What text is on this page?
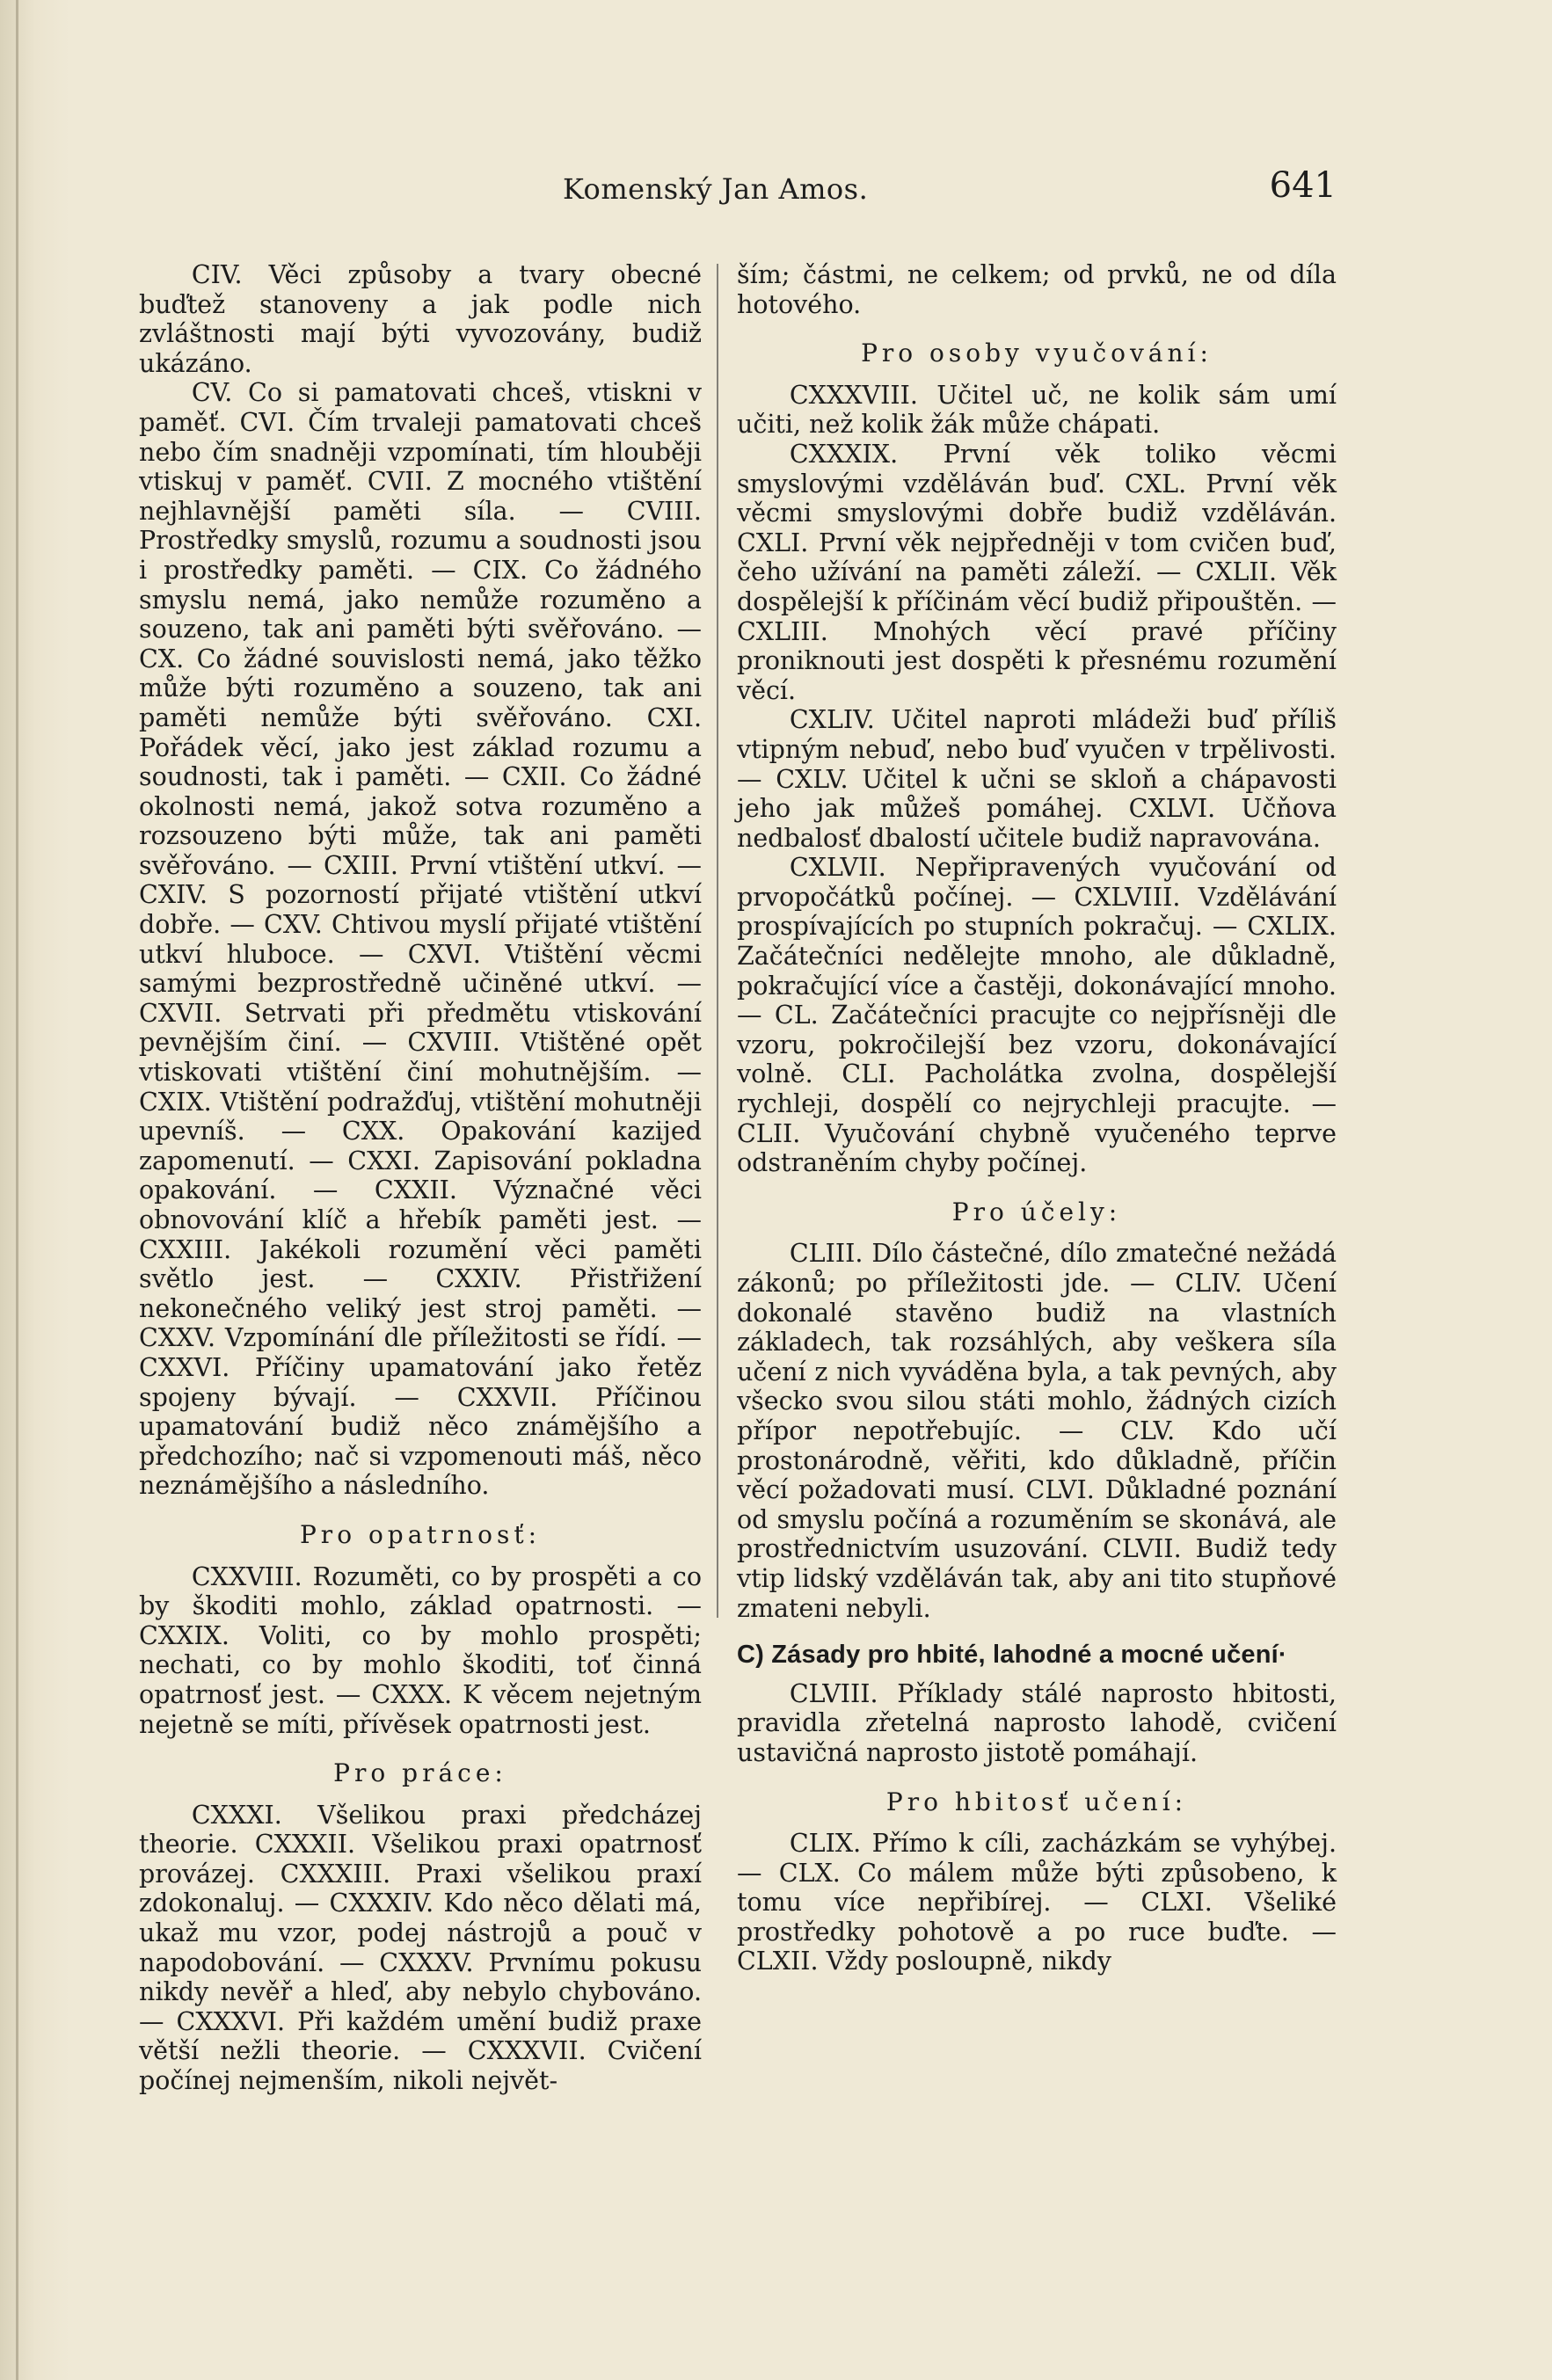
Komenský Jan Amos.	641

CIV. Věci způsoby a tvary obecné buďtež stanoveny a jak podle nich zvláštnosti mají býti vyvozovány, budiž ukázáno.

CV. Co si pamatovati chceš, vtiskni v paměť. CVI. Čím trvaleji pamatovati chceš nebo čím snadněji vzpomínati, tím hlouběji vtiskuj v paměť. CVII. Z mocného vtištění nejhlavnější paměti síla. — CVIII. Prostředky smyslů, rozumu a soudnosti jsou i prostředky paměti. — CIX. Co žádného smyslu nemá, jako nemůže rozuměno a souzeno, tak ani paměti býti svěřováno. — CX. Co žádné souvislosti nemá, jako těžko může býti rozuměno a souzeno, tak ani paměti nemůže býti svěřováno. CXI. Pořádek věcí, jako jest základ rozumu a soudnosti, tak i paměti. — CXII. Co žádné okolnosti nemá, jakož sotva rozuměno a rozsouzeno býti může, tak ani paměti svěřováno. — CXIII. První vtištění utkví. — CXIV. S pozorností přijaté vtištění utkví dobře. — CXV. Chtivou myslí přijaté vtištění utkví hluboce. — CXVI. Vtištění věcmi samými bezprostředně učiněné utkví. — CXVII. Setrvati při předmětu vtiskování pevnějším činí. — CXVIII. Vtištěné opět vtiskovati vtištění činí mohutnějším. — CXIX. Vtištění podražďuj, vtištění mohutněji upevníš. — CXX. Opakování kazijed zapomenutí. — CXXI. Zapisování pokladna opakování. — CXXII. Význačné věci obnovování klíč a hřebík paměti jest. — CXXIII. Jakékoli rozumění věci paměti světlo jest. — CXXIV. Přistřižení nekonečného veliký jest stroj paměti. — CXXV. Vzpomínání dle příležitosti se řídí. — CXXVI. Příčiny upamatování jako řetěz spojeny bývají. — CXXVII. Příčinou upamatování budiž něco známějšího a předchozího; nač si vzpomenouti máš, něco neznámějšího a následního.

Pro opatrnosť:

CXXVIII. Rozuměti, co by prospěti a co by škoditi mohlo, základ opatrnosti. — CXXIX. Voliti, co by mohlo prospěti; nechati, co by mohlo škoditi, toť činná opatrnosť jest. — CXXX. K věcem nejetným nejetně se míti, přívěsek opatrnosti jest.

Pro práce:

CXXXI. Všelikou praxi předcházej theorie. CXXXII. Všelikou praxi opatrnosť provázej. CXXXIII. Praxi všelikou praxí zdokonaluj. — CXXXIV. Kdo něco dělati má, ukaž mu vzor, podej nástrojů a pouč v napodobování. — CXXXV. Prvnímu pokusu nikdy nevěř a hleď, aby nebylo chybováno. — CXXXVI. Při každém umění budiž praxe větší nežli theorie. — CXXXVII. Cvičení počínej nejmenším, nikoli největ-

ším; částmi, ne celkem; od prvků, ne od díla hotového.

Pro osoby vyučování:

CXXXVIII. Učitel uč, ne kolik sám umí učiti, než kolik žák může chápati.

CXXXIX. První věk toliko věcmi smyslovými vzděláván buď. CXL. První věk věcmi smyslovými dobře budiž vzděláván. CXLI. První věk nejpředněji v tom cvičen buď, čeho užívání na paměti záleží. — CXLII. Věk dospělejší k příčinám věcí budiž připouštěn. — CXLIII. Mnohých věcí pravé příčiny proniknouti jest dospěti k přesnému rozumění věcí.

CXLIV. Učitel naproti mládeži buď příliš vtipným nebuď, nebo buď vyučen v trpělivosti. — CXLV. Učitel k učni se skloň a chápavosti jeho jak můžeš pomáhej. CXLVI. Učňova nedbalosť dbalostí učitele budiž napravována.

CXLVII. Nepřipravených vyučování od prvopočátků počínej. — CXLVIII. Vzdělávání prospívajících po stupních pokračuj. — CXLIX. Začátečníci nedělejte mnoho, ale důkladně, pokračující více a častěji, dokonávající mnoho. — CL. Začátečníci pracujte co nejpřísněji dle vzoru, pokročilejší bez vzoru, dokonávající volně. CLI. Pacholátka zvolna, dospělejší rychleji, dospělí co nejrychleji pracujte. — CLII. Vyučování chybně vyučeného teprve odstraněním chyby počínej.

Pro účely:

CLIII. Dílo částečné, dílo zmatečné nežádá zákonů; po příležitosti jde. — CLIV. Učení dokonalé stavěno budiž na vlastních základech, tak rozsáhlých, aby veškera síla učení z nich vyváděna byla, a tak pevných, aby všecko svou silou státi mohlo, žádných cizích přípor nepotřebujíc. — CLV. Kdo učí prostonárodně, věřiti, kdo důkladně, příčin věcí požadovati musí. CLVI. Důkladné poznání od smyslu počíná a rozuměním se skonává, ale prostřednictvím usuzování. CLVII. Budiž tedy vtip lidský vzděláván tak, aby ani tito stupňové zmateni nebyli.

C) Zásady pro hbité, lahodné a mocné učení·

CLVIII. Příklady stálé naprosto hbitosti, pravidla zřetelná naprosto lahodě, cvičení ustavičná naprosto jistotě pomáhají.

Pro hbitosť učení:

CLIX. Přímo k cíli, zacházkám se vyhýbej. — CLX. Co málem může býti způsobeno, k tomu více nepřibírej. — CLXI. Všeliké prostředky pohotově a po ruce buďte. — CLXII. Vždy posloupně, nikdy
